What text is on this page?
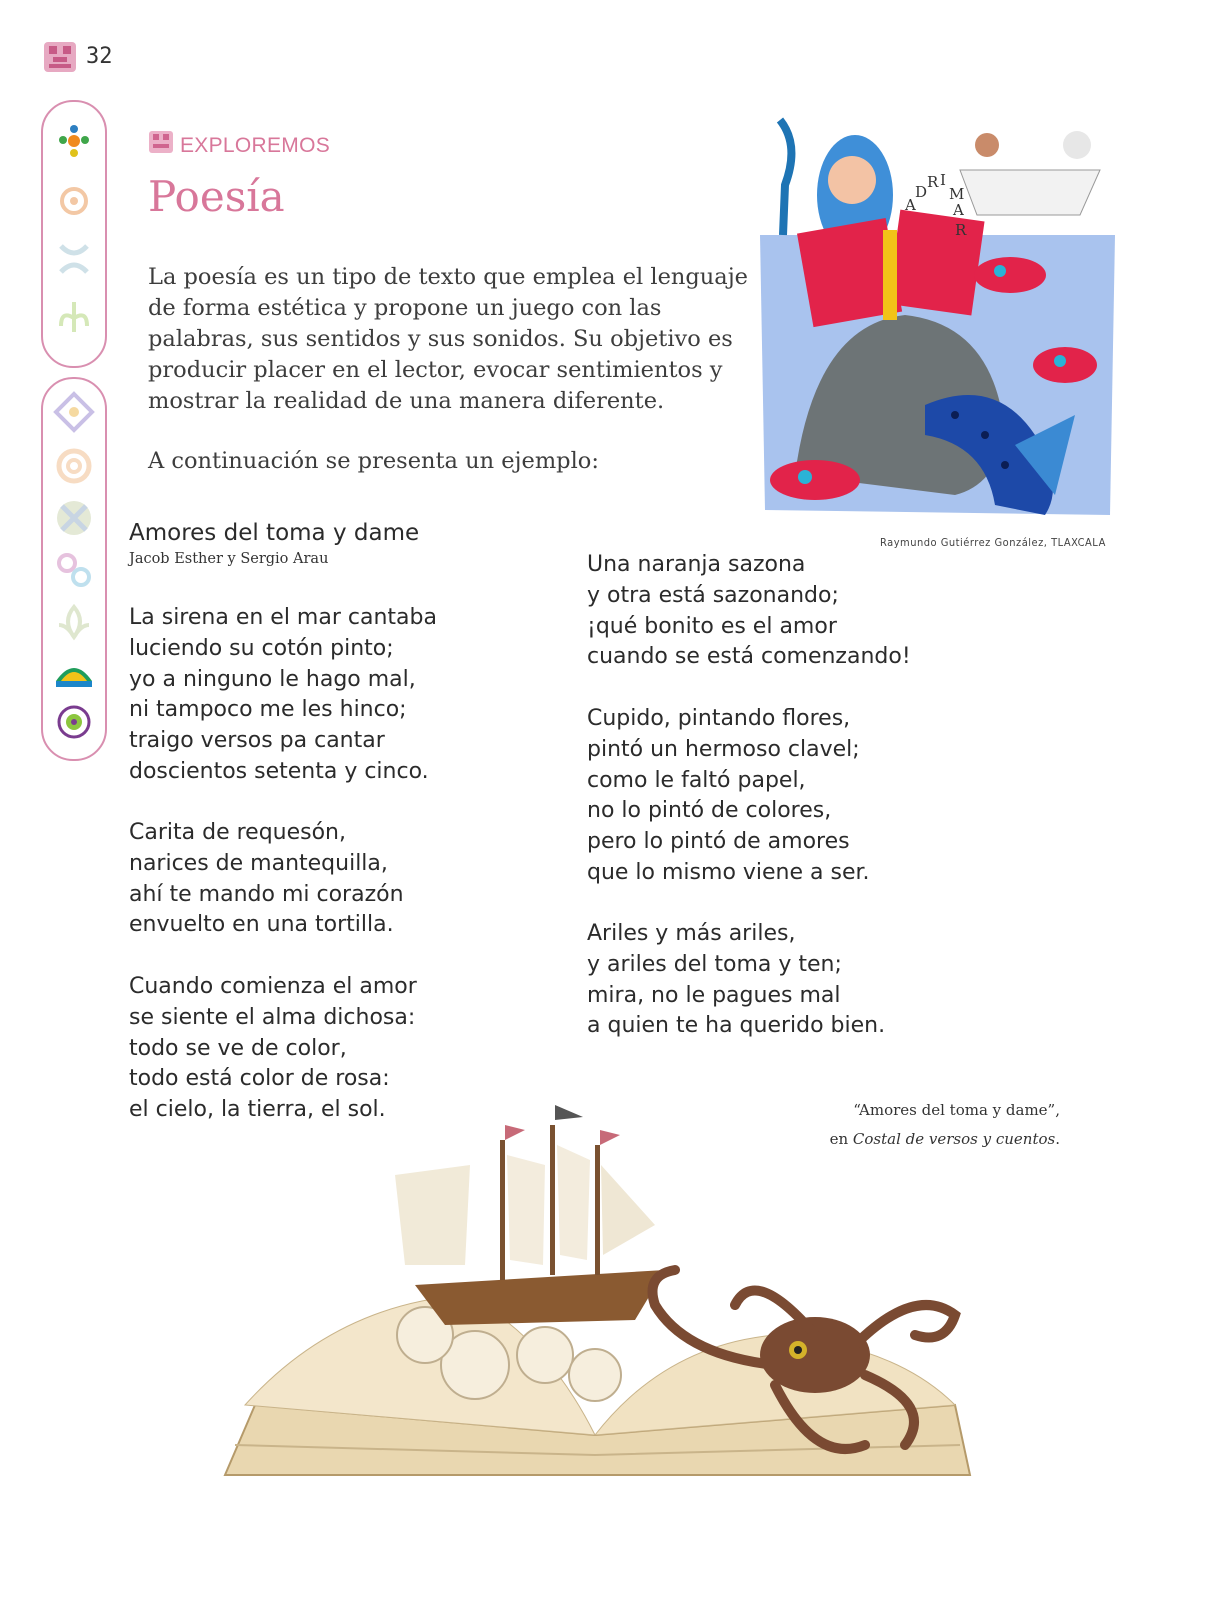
32
EXPLOREMOS
Poesía

La poesía es un tipo de texto que emplea el lenguaje
de forma estética y propone un juego con las
palabras, sus sentidos y sus sonidos. Su objetivo es
producir placer en el lector, evocar sentimientos y
mostrar la realidad de una manera diferente.

A continuación se presenta un ejemplo:

A
D
R I
M
A
R
Raymundo Gutiérrez González, TLAXCALA
Amores del toma y dame
Jacob Esther y Sergio Arau
La sirena en el mar cantaba
luciendo su cotón pinto;
yo a ninguno le hago mal,
ni tampoco me les hinco;
traigo versos pa cantar
doscientos setenta y cinco.
Carita de requesón,
narices de mantequilla,
ahí te mando mi corazón
envuelto en una tortilla.
Cuando comienza el amor
se siente el alma dichosa:
todo se ve de color,
todo está color de rosa:
el cielo, la tierra, el sol.
Una naranja sazona
y otra está sazonando;
¡qué bonito es el amor
cuando se está comenzando!
Cupido, pintando flores,
pintó un hermoso clavel;
como le faltó papel,
no lo pintó de colores,
pero lo pintó de amores
que lo mismo viene a ser.
Ariles y más ariles,
y ariles del toma y ten;
mira, no le pagues mal
a quien te ha querido bien.
“Amores del toma y dame”,
en Costal de versos y cuentos.
